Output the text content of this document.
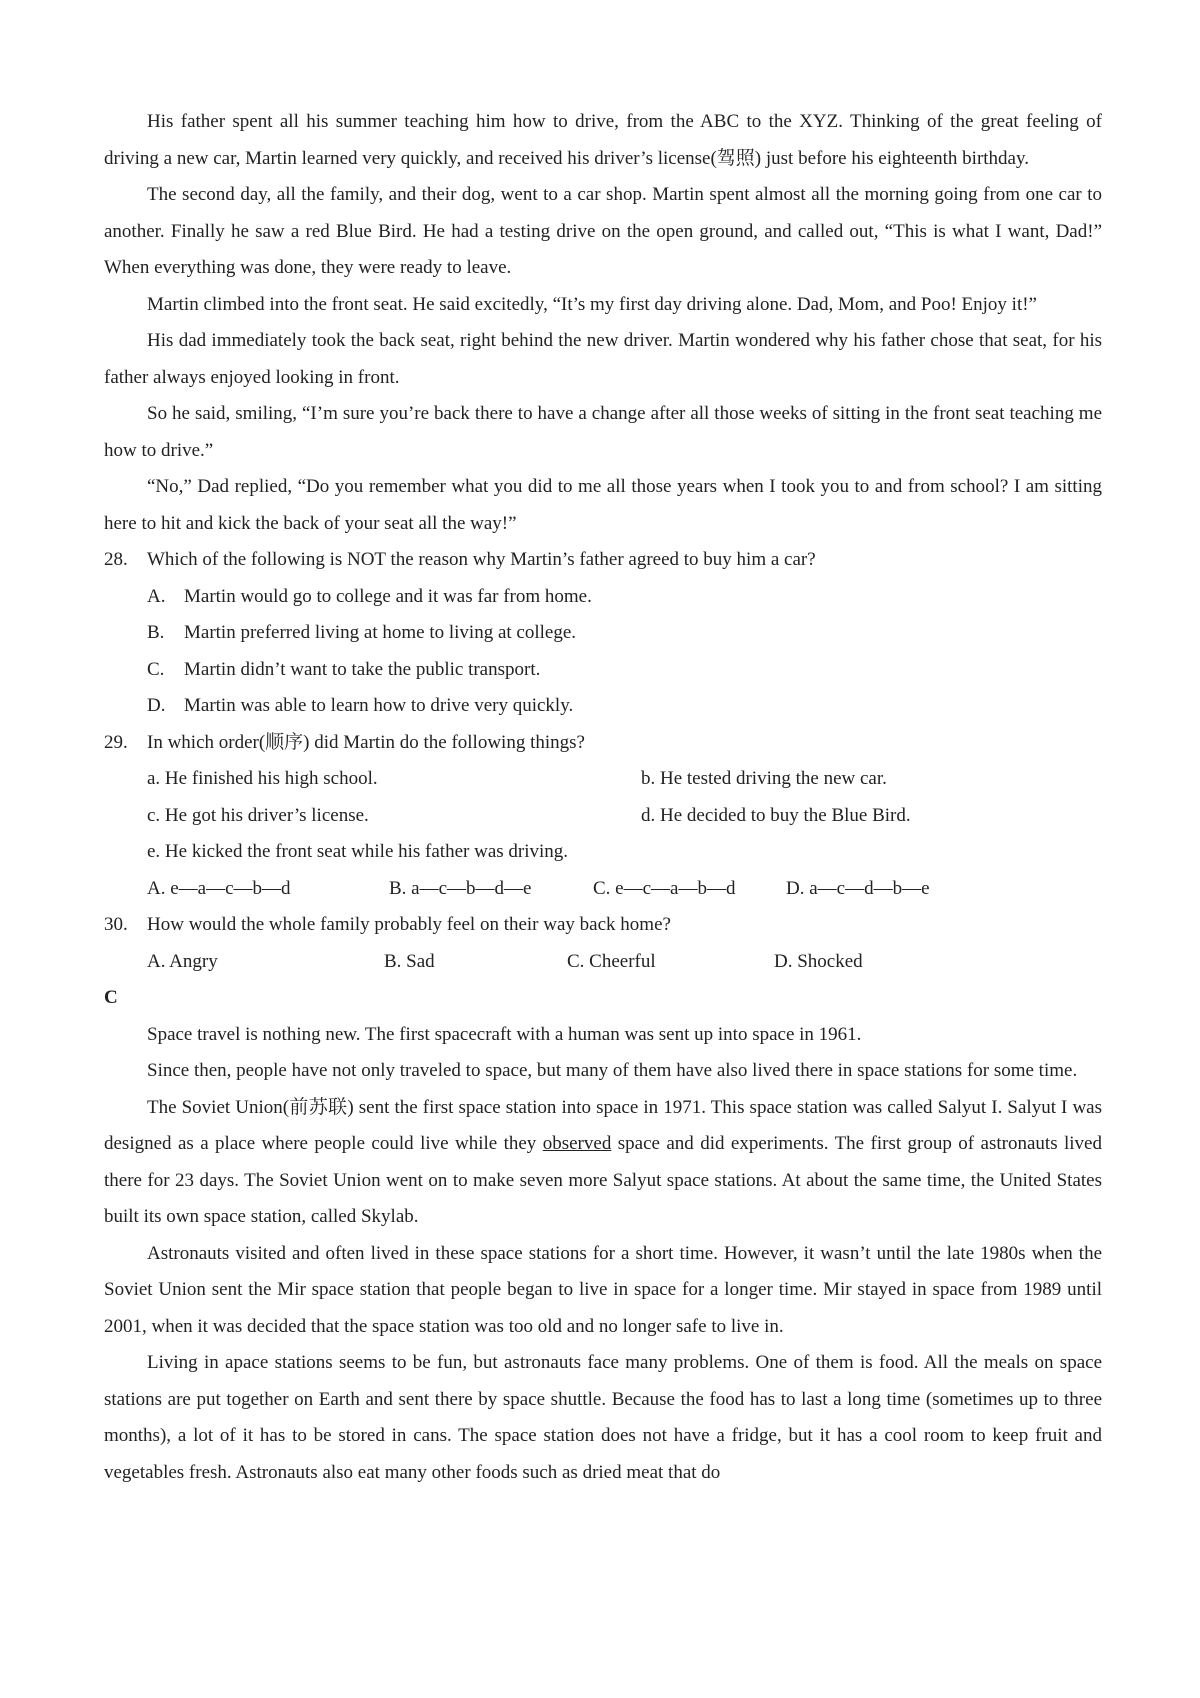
His father spent all his summer teaching him how to drive, from the ABC to the XYZ. Thinking of the great feeling of driving a new car, Martin learned very quickly, and received his driver’s license(驾照) just before his eighteenth birthday.

The second day, all the family, and their dog, went to a car shop. Martin spent almost all the morning going from one car to another. Finally he saw a red Blue Bird. He had a testing drive on the open ground, and called out, “This is what I want, Dad!” When everything was done, they were ready to leave.

Martin climbed into the front seat. He said excitedly, “It’s my first day driving alone. Dad, Mom, and Poo! Enjoy it!”

His dad immediately took the back seat, right behind the new driver. Martin wondered why his father chose that seat, for his father always enjoyed looking in front.

So he said, smiling, “I’m sure you’re back there to have a change after all those weeks of sitting in the front seat teaching me how to drive.”

“No,” Dad replied, “Do you remember what you did to me all those years when I took you to and from school? I am sitting here to hit and kick the back of your seat all the way!”

28.	Which of the following is NOT the reason why Martin’s father agreed to buy him a car?
A. Martin would go to college and it was far from home.
B.	Martin preferred living at home to living at college.
C.	Martin didn’t want to take the public transport.
D. Martin was able to learn how to drive very quickly.
29.	In which order(顺序) did Martin do the following things?
a. He finished his high school.	b. He tested driving the new car.
c. He got his driver’s license.	d. He decided to buy the Blue Bird.
e. He kicked the front seat while his father was driving.
A. e—a—c—b—d	B. a—c—b—d—e	C. e—c—a—b—d	D. a—c—d—b—e
30.	How would the whole family probably feel on their way back home?
A. Angry	B. Sad	C. Cheerful	D. Shocked

C

Space travel is nothing new. The first spacecraft with a human was sent up into space in 1961.

Since then, people have not only traveled to space, but many of them have also lived there in space stations for some time.

The Soviet Union(前苏联) sent the first space station into space in 1971. This space station was called Salyut I. Salyut I was designed as a place where people could live while they observed space and did experiments. The first group of astronauts lived there for 23 days. The Soviet Union went on to make seven more Salyut space stations. At about the same time, the United States built its own space station, called Skylab.

Astronauts visited and often lived in these space stations for a short time. However, it wasn’t until the late 1980s when the Soviet Union sent the Mir space station that people began to live in space for a longer time. Mir stayed in space from 1989 until 2001, when it was decided that the space station was too old and no longer safe to live in.

Living in apace stations seems to be fun, but astronauts face many problems. One of them is food. All the meals on space stations are put together on Earth and sent there by space shuttle. Because the food has to last a long time (sometimes up to three months), a lot of it has to be stored in cans. The space station does not have a fridge, but it has a cool room to keep fruit and vegetables fresh. Astronauts also eat many other foods such as dried meat that do
